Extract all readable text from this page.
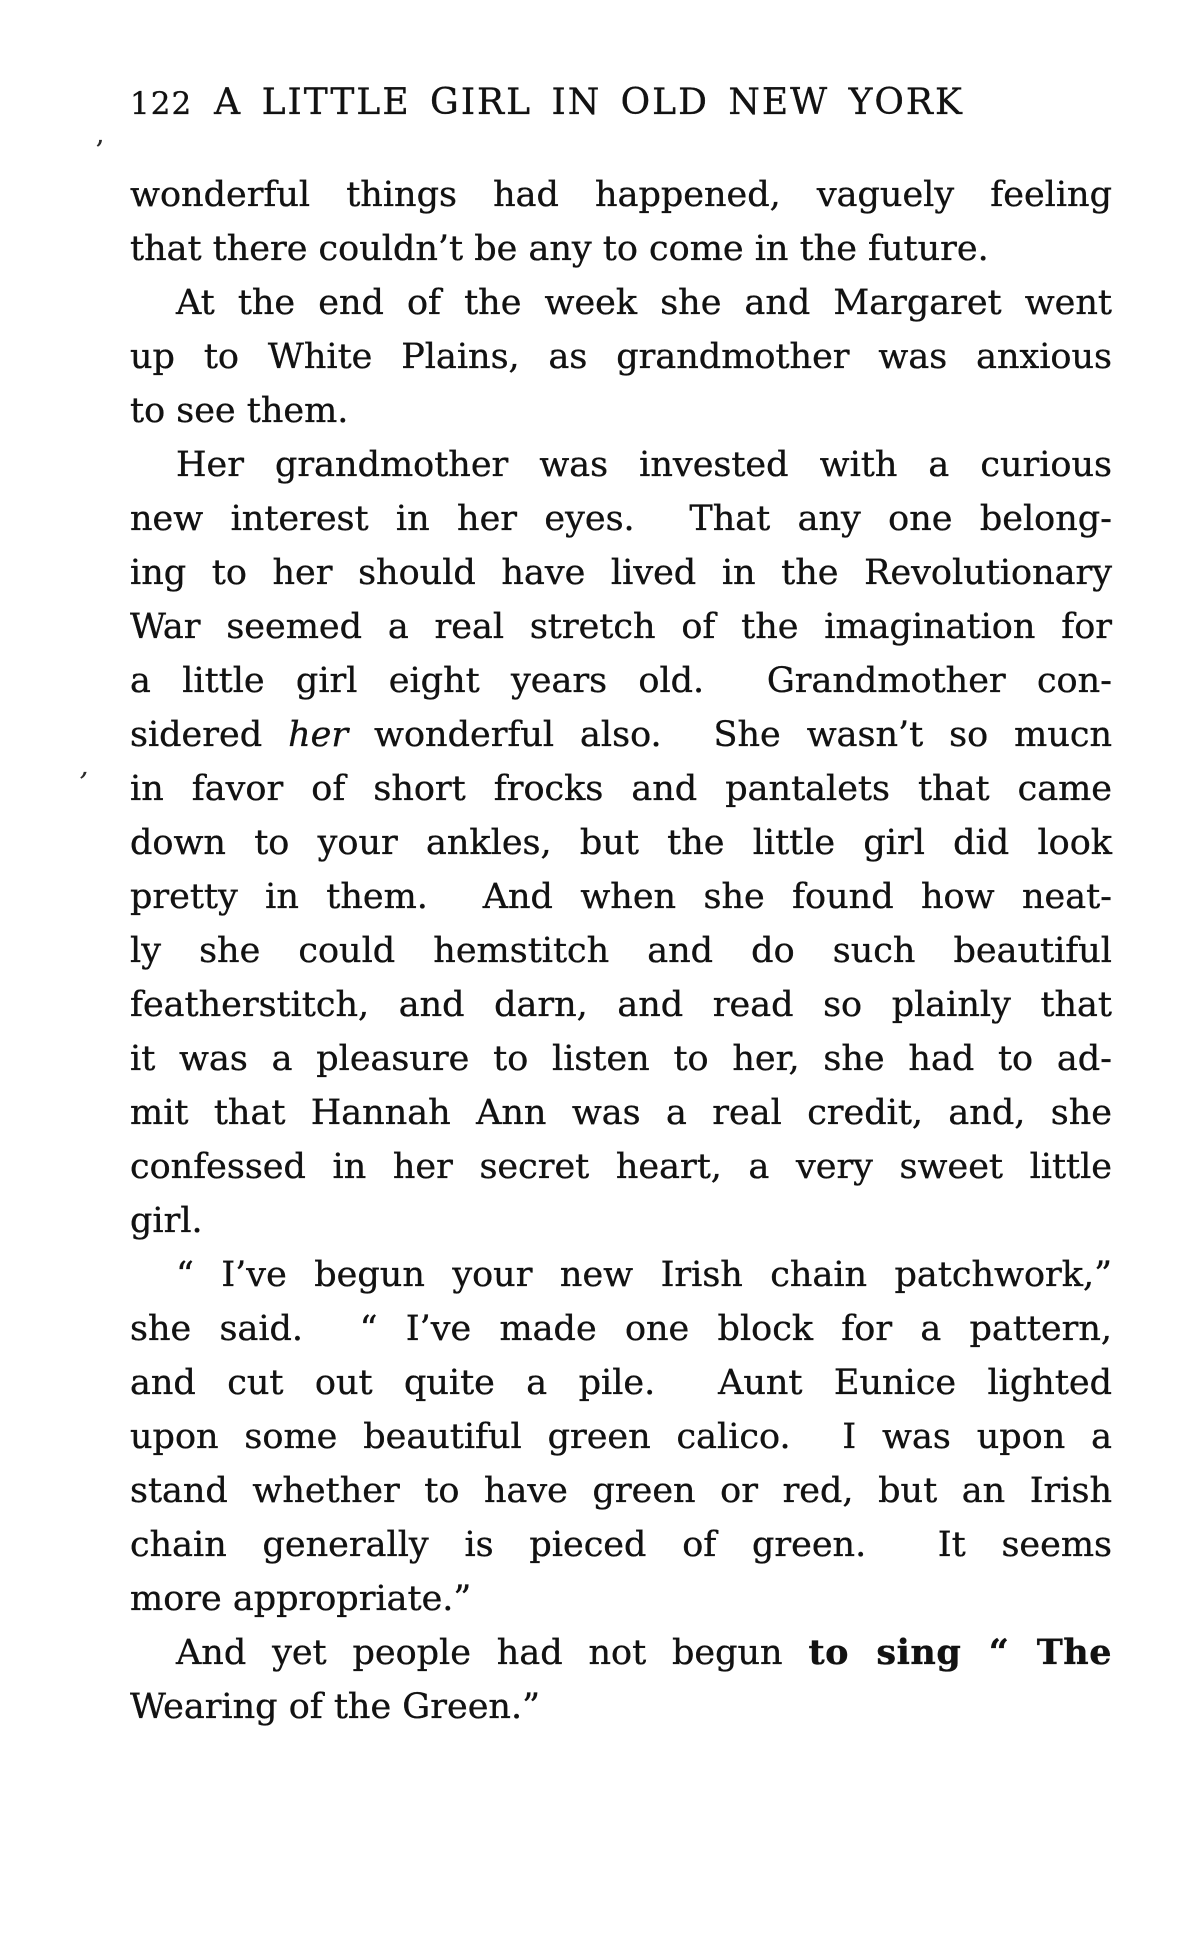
122 A LITTLE GIRL IN OLD NEW YORK
wonderful things had happened, vaguely feeling
that there couldn’t be any to come in the future.
At the end of the week she and Margaret went
up to White Plains, as grandmother was anxious
to see them.
Her grandmother was invested with a curious
new interest in her eyes.  That any one belong-
ing to her should have lived in the Revolutionary
War seemed a real stretch of the imagination for
a little girl eight years old.  Grandmother con-
sidered her wonderful also.  She wasn’t so mucn
in favor of short frocks and pantalets that came
down to your ankles, but the little girl did look
pretty in them.  And when she found how neat-
ly she could hemstitch and do such beautiful
featherstitch, and darn, and read so plainly that
it was a pleasure to listen to her, she had to ad-
mit that Hannah Ann was a real credit, and, she
confessed in her secret heart, a very sweet little
girl.
“ I’ve begun your new Irish chain patchwork,”
she said.  “ I’ve made one block for a pattern,
and cut out quite a pile.  Aunt Eunice lighted
upon some beautiful green calico.  I was upon a
stand whether to have green or red, but an Irish
chain generally is pieced of green.  It seems
more appropriate.”
And yet people had not begun to sing “ The
Wearing of the Green.”
,
,
